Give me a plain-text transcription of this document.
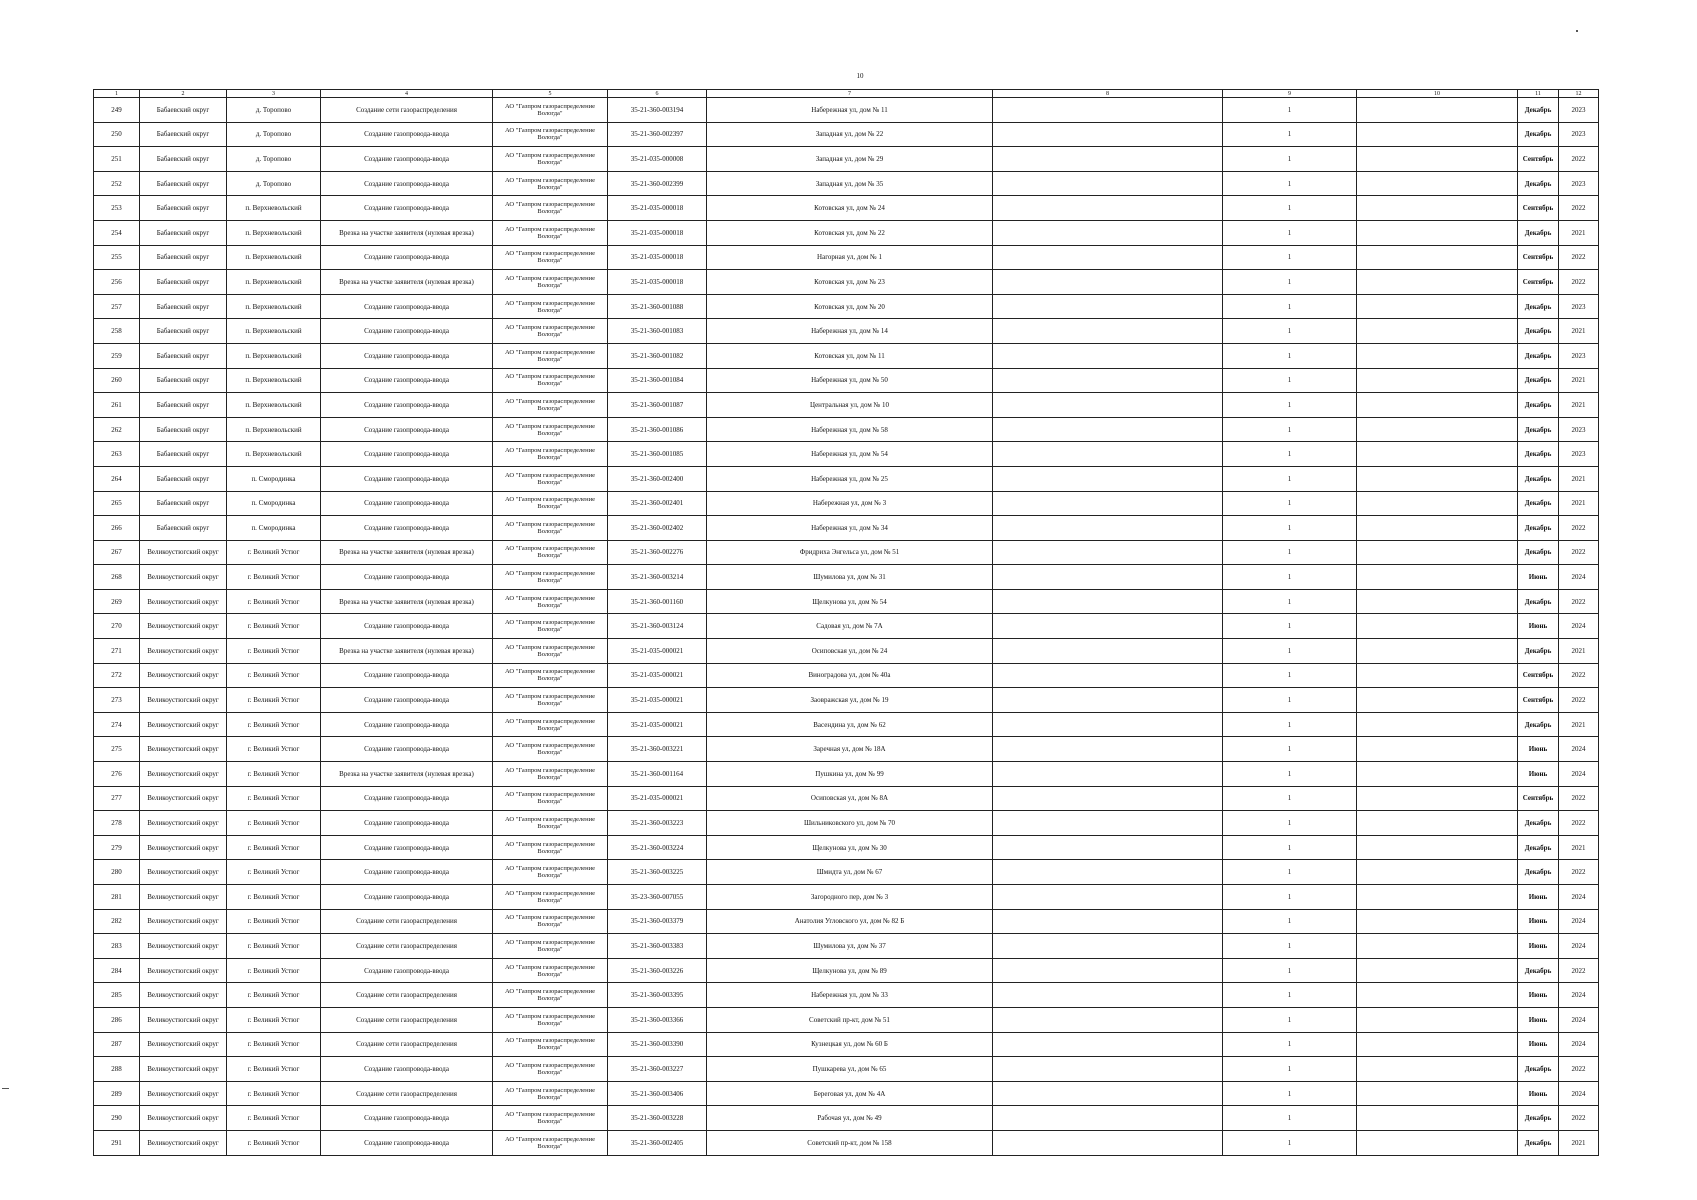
10
1	2	3	4	5	6	7	8	9	10	11	12
249	Бабаевский округ	д. Торопово	Создание сети газораспределения	АО "Газпром газораспределение Вологда"	35-21-360-003194	Набережная ул, дом № 11		1		Декабрь	2023
250	Бабаевский округ	д. Торопово	Создание газопровода-ввода	АО "Газпром газораспределение Вологда"	35-21-360-002397	Западная ул, дом № 22		1		Декабрь	2023
251	Бабаевский округ	д. Торопово	Создание газопровода-ввода	АО "Газпром газораспределение Вологда"	35-21-035-000008	Западная ул, дом № 29		1		Сентябрь	2022
252	Бабаевский округ	д. Торопово	Создание газопровода-ввода	АО "Газпром газораспределение Вологда"	35-21-360-002399	Западная ул, дом № 35		1		Декабрь	2023
253	Бабаевский округ	п. Верхневольский	Создание газопровода-ввода	АО "Газпром газораспределение Вологда"	35-21-035-000018	Котовская ул, дом № 24		1		Сентябрь	2022
254	Бабаевский округ	п. Верхневольский	Врезка на участке заявителя (нулевая врезка)	АО "Газпром газораспределение Вологда"	35-21-035-000018	Котовская ул, дом № 22		1		Декабрь	2021
255	Бабаевский округ	п. Верхневольский	Создание газопровода-ввода	АО "Газпром газораспределение Вологда"	35-21-035-000018	Нагорная ул, дом № 1		1		Сентябрь	2022
256	Бабаевский округ	п. Верхневольский	Врезка на участке заявителя (нулевая врезка)	АО "Газпром газораспределение Вологда"	35-21-035-000018	Котовская ул, дом № 23		1		Сентябрь	2022
257	Бабаевский округ	п. Верхневольский	Создание газопровода-ввода	АО "Газпром газораспределение Вологда"	35-21-360-001088	Котовская ул, дом № 20		1		Декабрь	2023
258	Бабаевский округ	п. Верхневольский	Создание газопровода-ввода	АО "Газпром газораспределение Вологда"	35-21-360-001083	Набережная ул, дом № 14		1		Декабрь	2021
259	Бабаевский округ	п. Верхневольский	Создание газопровода-ввода	АО "Газпром газораспределение Вологда"	35-21-360-001082	Котовская ул, дом № 11		1		Декабрь	2023
260	Бабаевский округ	п. Верхневольский	Создание газопровода-ввода	АО "Газпром газораспределение Вологда"	35-21-360-001084	Набережная ул, дом № 50		1		Декабрь	2021
261	Бабаевский округ	п. Верхневольский	Создание газопровода-ввода	АО "Газпром газораспределение Вологда"	35-21-360-001087	Центральная ул, дом № 10		1		Декабрь	2021
262	Бабаевский округ	п. Верхневольский	Создание газопровода-ввода	АО "Газпром газораспределение Вологда"	35-21-360-001086	Набережная ул, дом № 58		1		Декабрь	2023
263	Бабаевский округ	п. Верхневольский	Создание газопровода-ввода	АО "Газпром газораспределение Вологда"	35-21-360-001085	Набережная ул, дом № 54		1		Декабрь	2023
264	Бабаевский округ	п. Смородинка	Создание газопровода-ввода	АО "Газпром газораспределение Вологда"	35-21-360-002400	Набережная ул, дом № 25		1		Декабрь	2021
265	Бабаевский округ	п. Смородинка	Создание газопровода-ввода	АО "Газпром газораспределение Вологда"	35-21-360-002401	Набережная ул, дом № 3		1		Декабрь	2021
266	Бабаевский округ	п. Смородинка	Создание газопровода-ввода	АО "Газпром газораспределение Вологда"	35-21-360-002402	Набережная ул, дом № 34		1		Декабрь	2022
267	Великоустюгский округ	г. Великий Устюг	Врезка на участке заявителя (нулевая врезка)	АО "Газпром газораспределение Вологда"	35-21-360-002276	Фридриха Энгельса ул, дом № 51		1		Декабрь	2022
268	Великоустюгский округ	г. Великий Устюг	Создание газопровода-ввода	АО "Газпром газораспределение Вологда"	35-21-360-003214	Шумилова ул, дом № 31		1		Июнь	2024
269	Великоустюгский округ	г. Великий Устюг	Врезка на участке заявителя (нулевая врезка)	АО "Газпром газораспределение Вологда"	35-21-360-001160	Щелкунова ул, дом № 54		1		Декабрь	2022
270	Великоустюгский округ	г. Великий Устюг	Создание газопровода-ввода	АО "Газпром газораспределение Вологда"	35-21-360-003124	Садовая ул, дом № 7А		1		Июнь	2024
271	Великоустюгский округ	г. Великий Устюг	Врезка на участке заявителя (нулевая врезка)	АО "Газпром газораспределение Вологда"	35-21-035-000021	Осиповская ул, дом № 24		1		Декабрь	2021
272	Великоустюгский округ	г. Великий Устюг	Создание газопровода-ввода	АО "Газпром газораспределение Вологда"	35-21-035-000021	Виноградова ул, дом № 40а		1		Сентябрь	2022
273	Великоустюгский округ	г. Великий Устюг	Создание газопровода-ввода	АО "Газпром газораспределение Вологда"	35-21-035-000021	Заовражская ул, дом № 19		1		Сентябрь	2022
274	Великоустюгский округ	г. Великий Устюг	Создание газопровода-ввода	АО "Газпром газораспределение Вологда"	35-21-035-000021	Васендина ул, дом № 62		1		Декабрь	2021
275	Великоустюгский округ	г. Великий Устюг	Создание газопровода-ввода	АО "Газпром газораспределение Вологда"	35-21-360-003221	Заречная ул, дом № 18А		1		Июнь	2024
276	Великоустюгский округ	г. Великий Устюг	Врезка на участке заявителя (нулевая врезка)	АО "Газпром газораспределение Вологда"	35-21-360-001164	Пушкина ул, дом № 99		1		Июнь	2024
277	Великоустюгский округ	г. Великий Устюг	Создание газопровода-ввода	АО "Газпром газораспределение Вологда"	35-21-035-000021	Осиповская ул, дом № 8А		1		Сентябрь	2022
278	Великоустюгский округ	г. Великий Устюг	Создание газопровода-ввода	АО "Газпром газораспределение Вологда"	35-21-360-003223	Шильниковского ул, дом № 70		1		Декабрь	2022
279	Великоустюгский округ	г. Великий Устюг	Создание газопровода-ввода	АО "Газпром газораспределение Вологда"	35-21-360-003224	Щелкунова ул, дом № 30		1		Декабрь	2021
280	Великоустюгский округ	г. Великий Устюг	Создание газопровода-ввода	АО "Газпром газораспределение Вологда"	35-21-360-003225	Шмидта ул, дом № 67		1		Декабрь	2022
281	Великоустюгский округ	г. Великий Устюг	Создание газопровода-ввода	АО "Газпром газораспределение Вологда"	35-23-360-007055	Загородного пер, дом № 3		1		Июнь	2024
282	Великоустюгский округ	г. Великий Устюг	Создание сети газораспределения	АО "Газпром газораспределение Вологда"	35-21-360-003379	Анатолия Угловского ул, дом № 82 Б		1		Июнь	2024
283	Великоустюгский округ	г. Великий Устюг	Создание сети газораспределения	АО "Газпром газораспределение Вологда"	35-21-360-003383	Шумилова ул, дом № 37		1		Июнь	2024
284	Великоустюгский округ	г. Великий Устюг	Создание газопровода-ввода	АО "Газпром газораспределение Вологда"	35-21-360-003226	Щелкунова ул, дом № 89		1		Декабрь	2022
285	Великоустюгский округ	г. Великий Устюг	Создание сети газораспределения	АО "Газпром газораспределение Вологда"	35-21-360-003395	Набережная ул, дом № 33		1		Июнь	2024
286	Великоустюгский округ	г. Великий Устюг	Создание сети газораспределения	АО "Газпром газораспределение Вологда"	35-21-360-003366	Советский пр-кт, дом № 51		1		Июнь	2024
287	Великоустюгский округ	г. Великий Устюг	Создание сети газораспределения	АО "Газпром газораспределение Вологда"	35-21-360-003390	Кузнецкая ул, дом № 60 Б		1		Июнь	2024
288	Великоустюгский округ	г. Великий Устюг	Создание газопровода-ввода	АО "Газпром газораспределение Вологда"	35-21-360-003227	Пушкарева ул, дом № 65		1		Декабрь	2022
289	Великоустюгский округ	г. Великий Устюг	Создание сети газораспределения	АО "Газпром газораспределение Вологда"	35-21-360-003406	Береговая ул, дом № 4А		1		Июнь	2024
290	Великоустюгский округ	г. Великий Устюг	Создание газопровода-ввода	АО "Газпром газораспределение Вологда"	35-21-360-003228	Рабочая ул, дом № 49		1		Декабрь	2022
291	Великоустюгский округ	г. Великий Устюг	Создание газопровода-ввода	АО "Газпром газораспределение Вологда"	35-21-360-002405	Советский пр-кт, дом № 158		1		Декабрь	2021
